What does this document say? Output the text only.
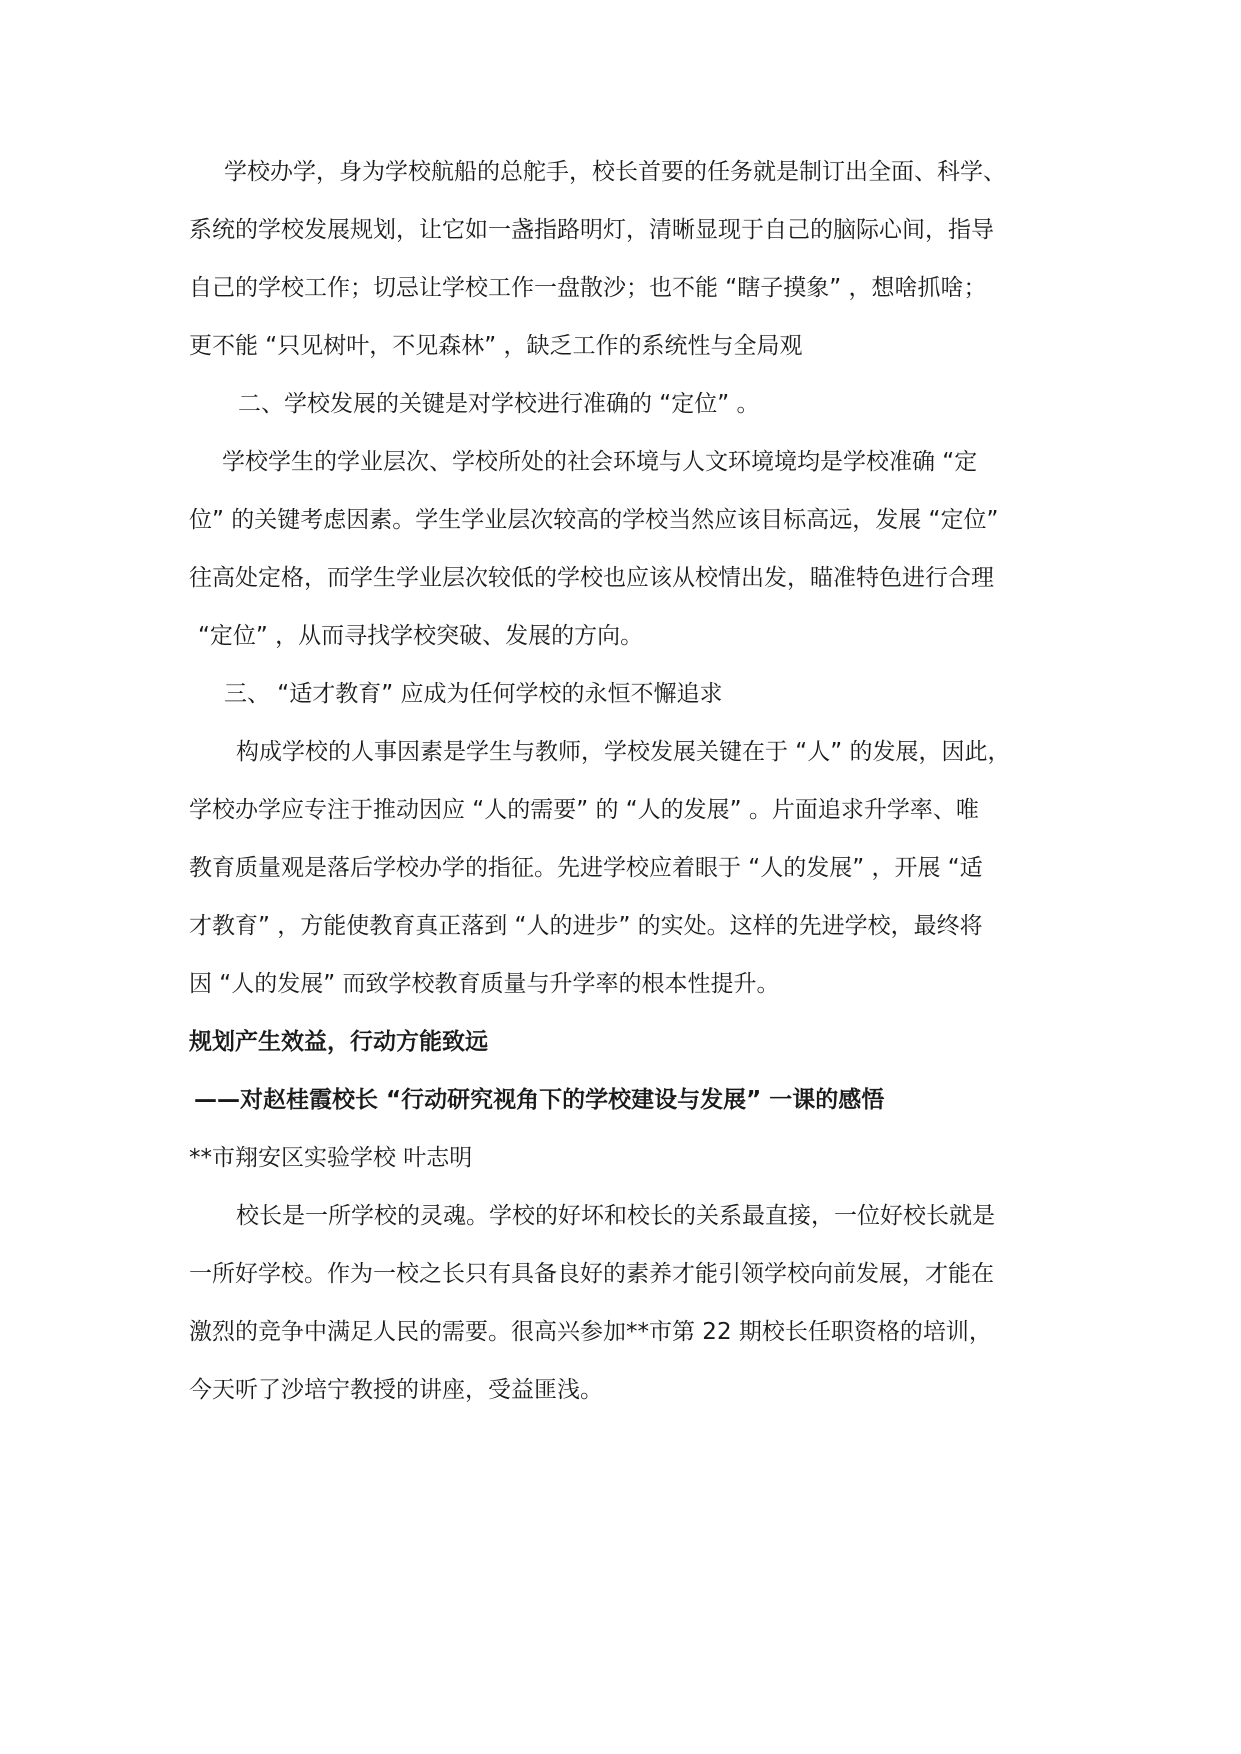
学校办学，身为学校航船的总舵手，校长首要的任务就是制订出全面、科学、
系统的学校发展规划，让它如一盏指路明灯，清晰显现于自己的脑际心间，指导
自己的学校工作；切忌让学校工作一盘散沙；也不能 “瞎子摸象” ，想啥抓啥；
更不能 “只见树叶，不见森林” ，缺乏工作的系统性与全局观
二、学校发展的关键是对学校进行准确的 “定位” 。
学校学生的学业层次、学校所处的社会环境与人文环境境均是学校准确 “定
位” 的关键考虑因素。学生学业层次较高的学校当然应该目标高远，发展 “定位”
往高处定格，而学生学业层次较低的学校也应该从校情出发，瞄准特色进行合理
“定位” ，从而寻找学校突破、发展的方向。
三、 “适才教育” 应成为任何学校的永恒不懈追求
构成学校的人事因素是学生与教师，学校发展关键在于 “人” 的发展，因此，
学校办学应专注于推动因应 “人的需要” 的 “人的发展” 。片面追求升学率、唯
教育质量观是落后学校办学的指征。先进学校应着眼于 “人的发展” ，开展 “适
才教育” ，方能使教育真正落到 “人的进步” 的实处。这样的先进学校，最终将
因 “人的发展” 而致学校教育质量与升学率的根本性提升。
规划产生效益，行动方能致远
——对赵桂霞校长 “行动研究视角下的学校建设与发展” 一课的感悟
**市翔安区实验学校 叶志明
校长是一所学校的灵魂。学校的好坏和校长的关系最直接，一位好校长就是
一所好学校。作为一校之长只有具备良好的素养才能引领学校向前发展，才能在
激烈的竞争中满足人民的需要。很高兴参加**市第 22 期校长任职资格的培训，
今天听了沙培宁教授的讲座，受益匪浅。
